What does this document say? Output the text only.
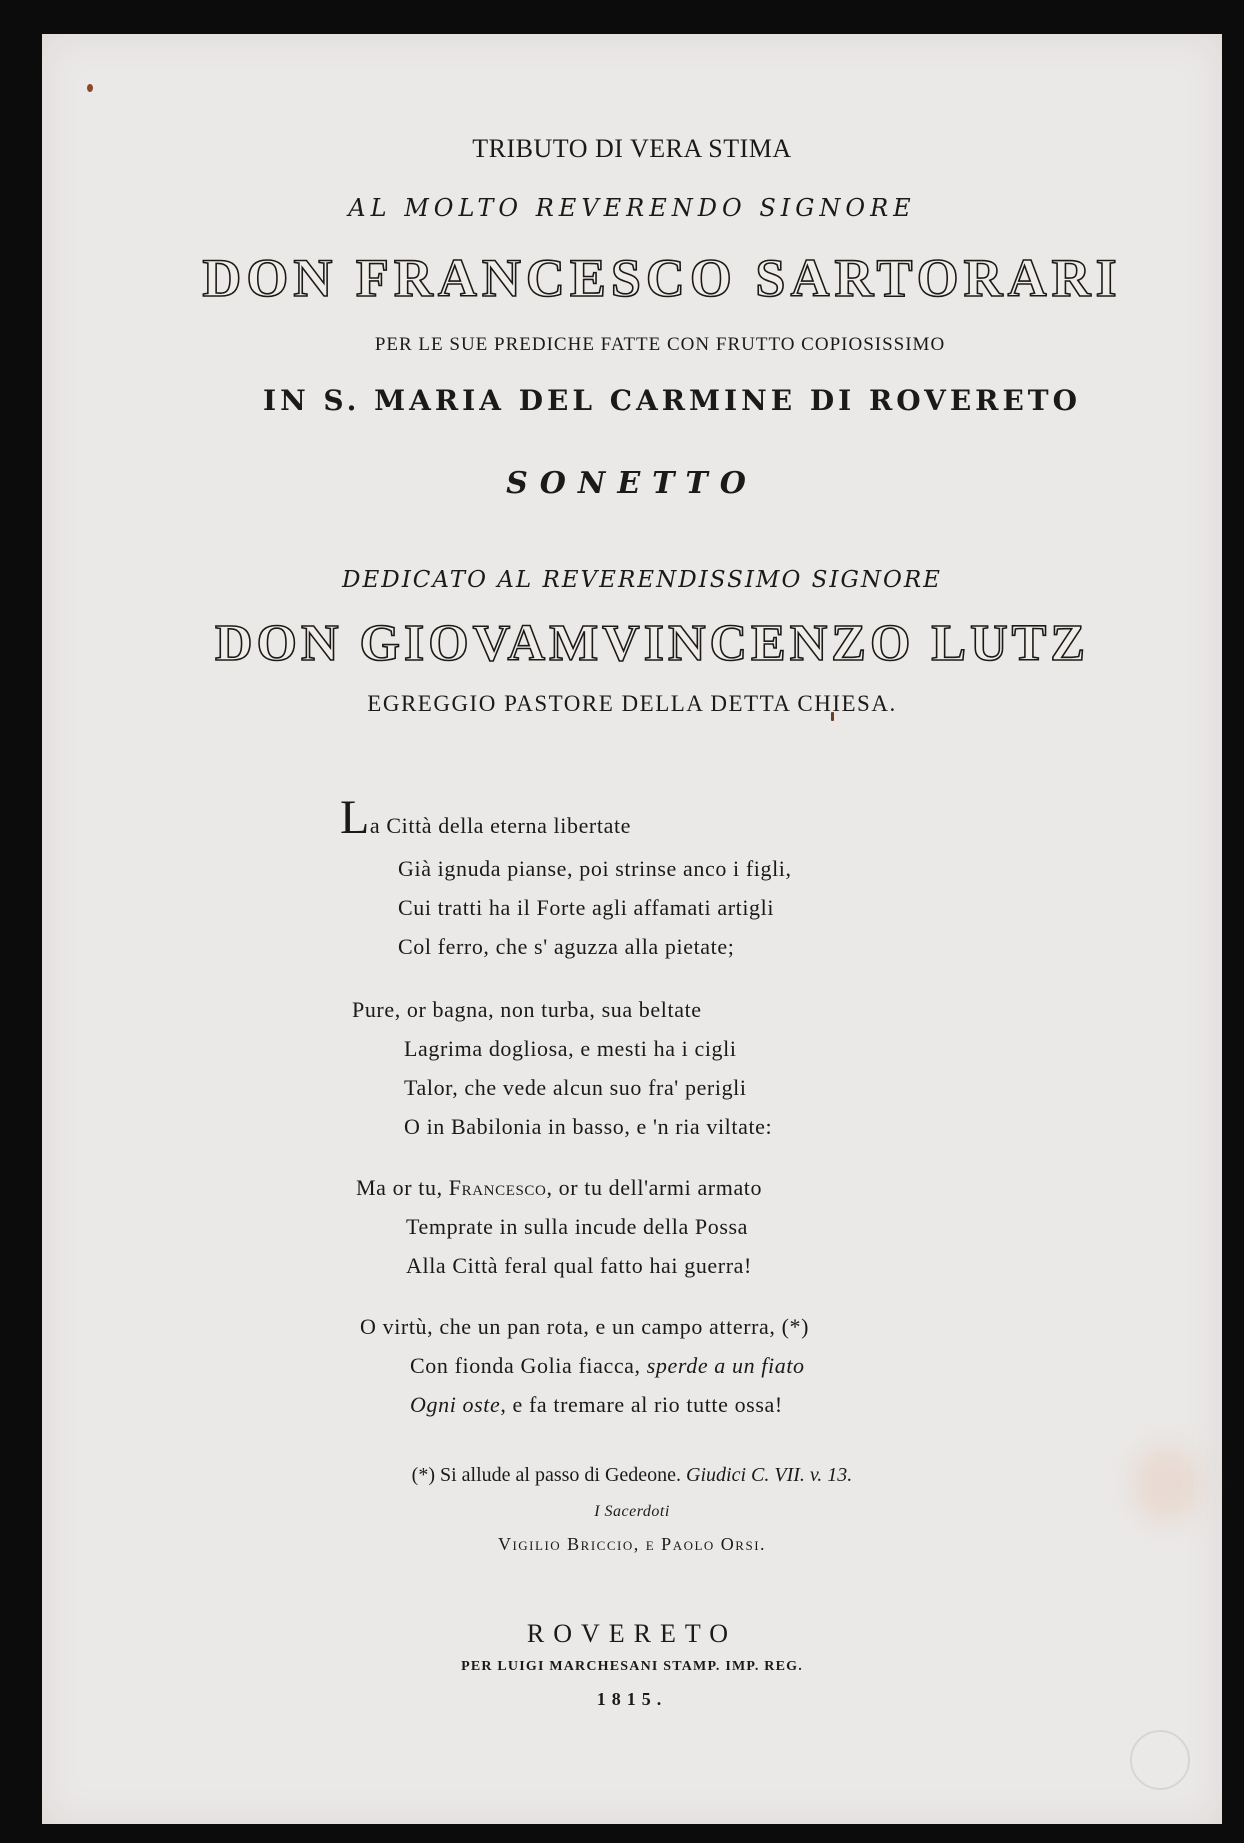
TRIBUTO DI VERA STIMA

AL MOLTO REVERENDO SIGNORE

DON FRANCESCO SARTORARI

PER LE SUE PREDICHE FATTE CON FRUTTO COPIOSISSIMO

IN S. MARIA DEL CARMINE DI ROVERETO

SONETTO

DEDICATO AL REVERENDISSIMO SIGNORE

DON GIOVAMVINCENZO LUTZ

EGREGGIO PASTORE DELLA DETTA CHIESA.

La Città della eterna libertate

Già ignuda pianse, poi strinse anco i figli,

Cui tratti ha il Forte agli affamati artigli

Col ferro, che s' aguzza alla pietate;

Pure, or bagna, non turba, sua beltate

Lagrima dogliosa, e mesti ha i cigli

Talor, che vede alcun suo fra' perigli

O in Babilonia in basso, e 'n ria viltate:

Ma or tu, Francesco, or tu dell'armi armato

Temprate in sulla incude della Possa

Alla Città feral qual fatto hai guerra!

O virtù, che un pan rota, e un campo atterra, (*)

Con fionda Golia fiacca, sperde a un fiato

Ogni oste, e fa tremare al rio tutte ossa!

(*) Si allude al passo di Gedeone. Giudici C. VII. v. 13.

I Sacerdoti

Vigilio Briccio, e Paolo Orsi.

ROVERETO

PER LUIGI MARCHESANI STAMP. IMP. REG.

1815.
